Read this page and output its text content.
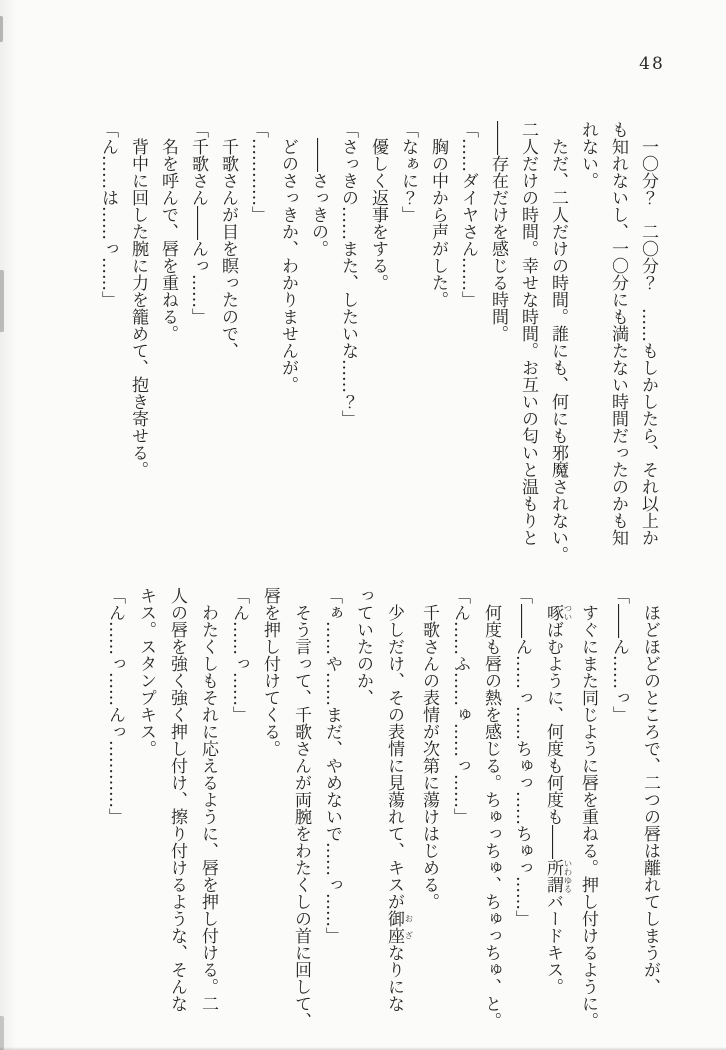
48
　一〇分？　二〇分？　……もしかしたら、それ以上か
も知れないし、一〇分にも満たない時間だったのかも知
れない。
　ただ、二人だけの時間。誰にも、何にも邪魔されない。
二人だけの時間。幸せな時間。お互いの匂いと温もりと
――存在だけを感じる時間。
「……ダイヤさん……」
　胸の中から声がした。
「なぁに？」
　優しく返事をする。
「さっきの……また、したいな……？」
　――さっきの。
　どのさっきか、わかりませんが。
「…………」
　千歌さんが目を瞑ったので、
「千歌さん――んっ……」
　名を呼んで、唇を重ねる。
　背中に回した腕に力を籠めて、抱き寄せる。
「ん……は……っ……」
　ほどほどのところで、二つの唇は離れてしまうが、
「――ん……っ」
　すぐにまた同じように唇を重ねる。押し付けるように。
　啄 ついばむように、何度も何度も――所謂 いわゆるバードキス。
「――ん……っ……ちゅっ……ちゅっ……」
　何度も唇の熱を感じる。ちゅっちゅ、ちゅっちゅ、と。
「ん……ふ……ゅ……っ……」
　千歌さんの表情が次第に蕩けはじめる。
　少しだけ、その表情に見蕩れて、キスが御座 おざなりにな
っていたのか、
「ぁ……や……まだ、やめないで……っ……」
　そう言って、千歌さんが両腕をわたくしの首に回して、
唇を押し付けてくる。
「ん……っ……」
　わたくしもそれに応えるように、唇を押し付ける。二
人の唇を強く強く押し付け、擦り付けるような、そんな
キス。スタンプキス。
「ん……っ……んっ…………」
